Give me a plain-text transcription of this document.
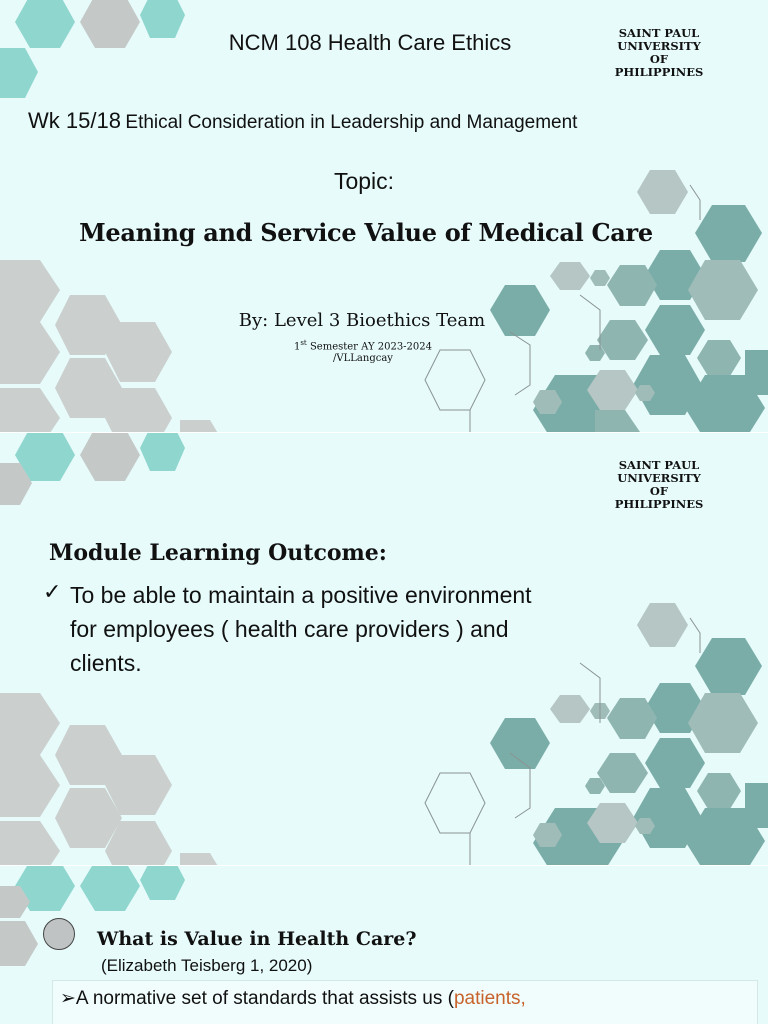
NCM 108 Health Care Ethics	SAINT PAUL
UNIVERSITY
OF
PHILIPPINES
Wk 15/18 Ethical Consideration in Leadership and Management
Topic:
Meaning and Service Value of Medical Care
By: Level 3 Bioethics Team
1st Semester AY 2023-2024
/VLLangcay
SAINT PAUL
UNIVERSITY
OF
PHILIPPINES
Module Learning Outcome:
✓ To be able to maintain a positive environment
for employees ( health care providers ) and
clients.
What is Value in Health Care?
(Elizabeth Teisberg 1, 2020)
➢A normative set of standards that assists us (patients,
